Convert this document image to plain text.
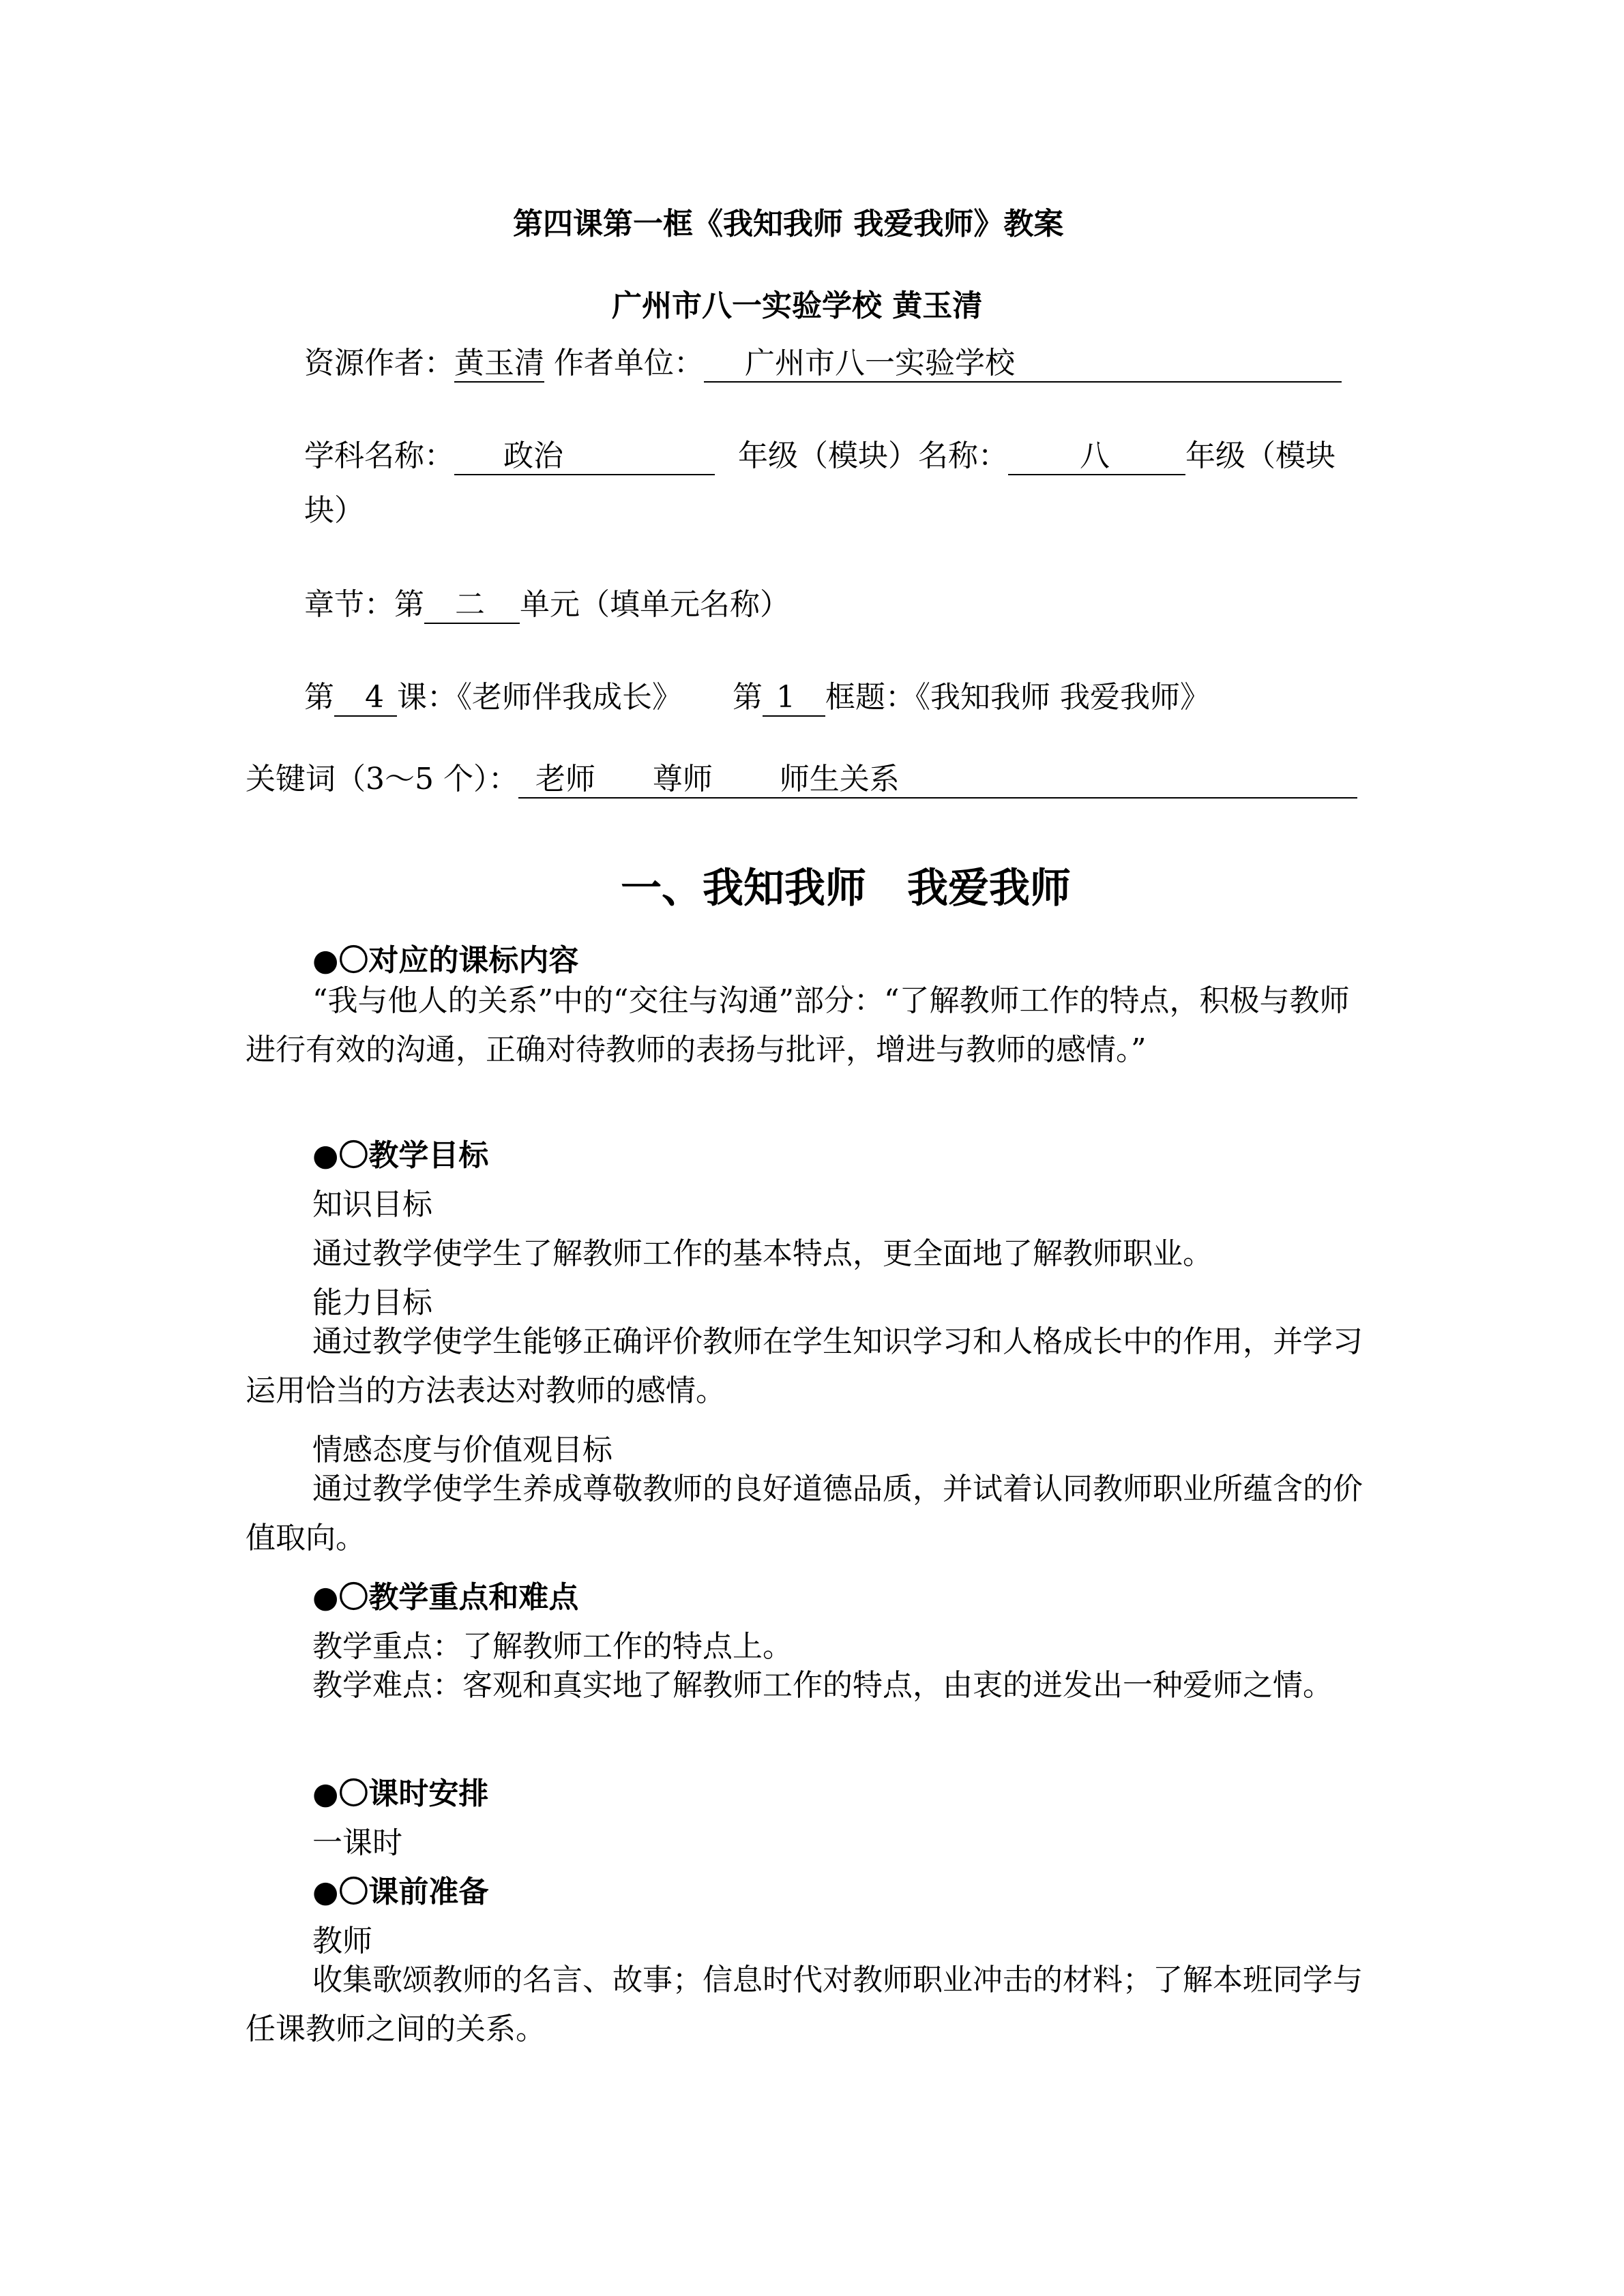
第四课第一框《我知我师 我爱我师》教案
广州市八一实验学校 黄玉清
资源作者：黄玉清 作者单位： 广州市八一实验学校
学科名称： 政治	年级（模块）名称： 八	年级（模块
块）
章节：第 二 单元（填单元名称）
第 4 课：《老师伴我成长》 第 1 框题：《我知我师 我爱我师》
关键词（3～5 个）： 老师      尊师       师生关系
一、我知我师　我爱我师
●〇对应的课标内容
“我与他人的关系”中的“交往与沟通”部分：“了解教师工作的特点，积极与教师进行有效的沟通，正确对待教师的表扬与批评，增进与教师的感情。”
●〇教学目标
知识目标
通过教学使学生了解教师工作的基本特点，更全面地了解教师职业。
能力目标
通过教学使学生能够正确评价教师在学生知识学习和人格成长中的作用，并学习运用恰当的方法表达对教师的感情。
情感态度与价值观目标
通过教学使学生养成尊敬教师的良好道德品质，并试着认同教师职业所蕴含的价值取向。
●〇教学重点和难点
教学重点：了解教师工作的特点上。
教学难点：客观和真实地了解教师工作的特点，由衷的迸发出一种爱师之情。
●〇课时安排
一课时
●〇课前准备
教师
收集歌颂教师的名言、故事；信息时代对教师职业冲击的材料；了解本班同学与任课教师之间的关系。
